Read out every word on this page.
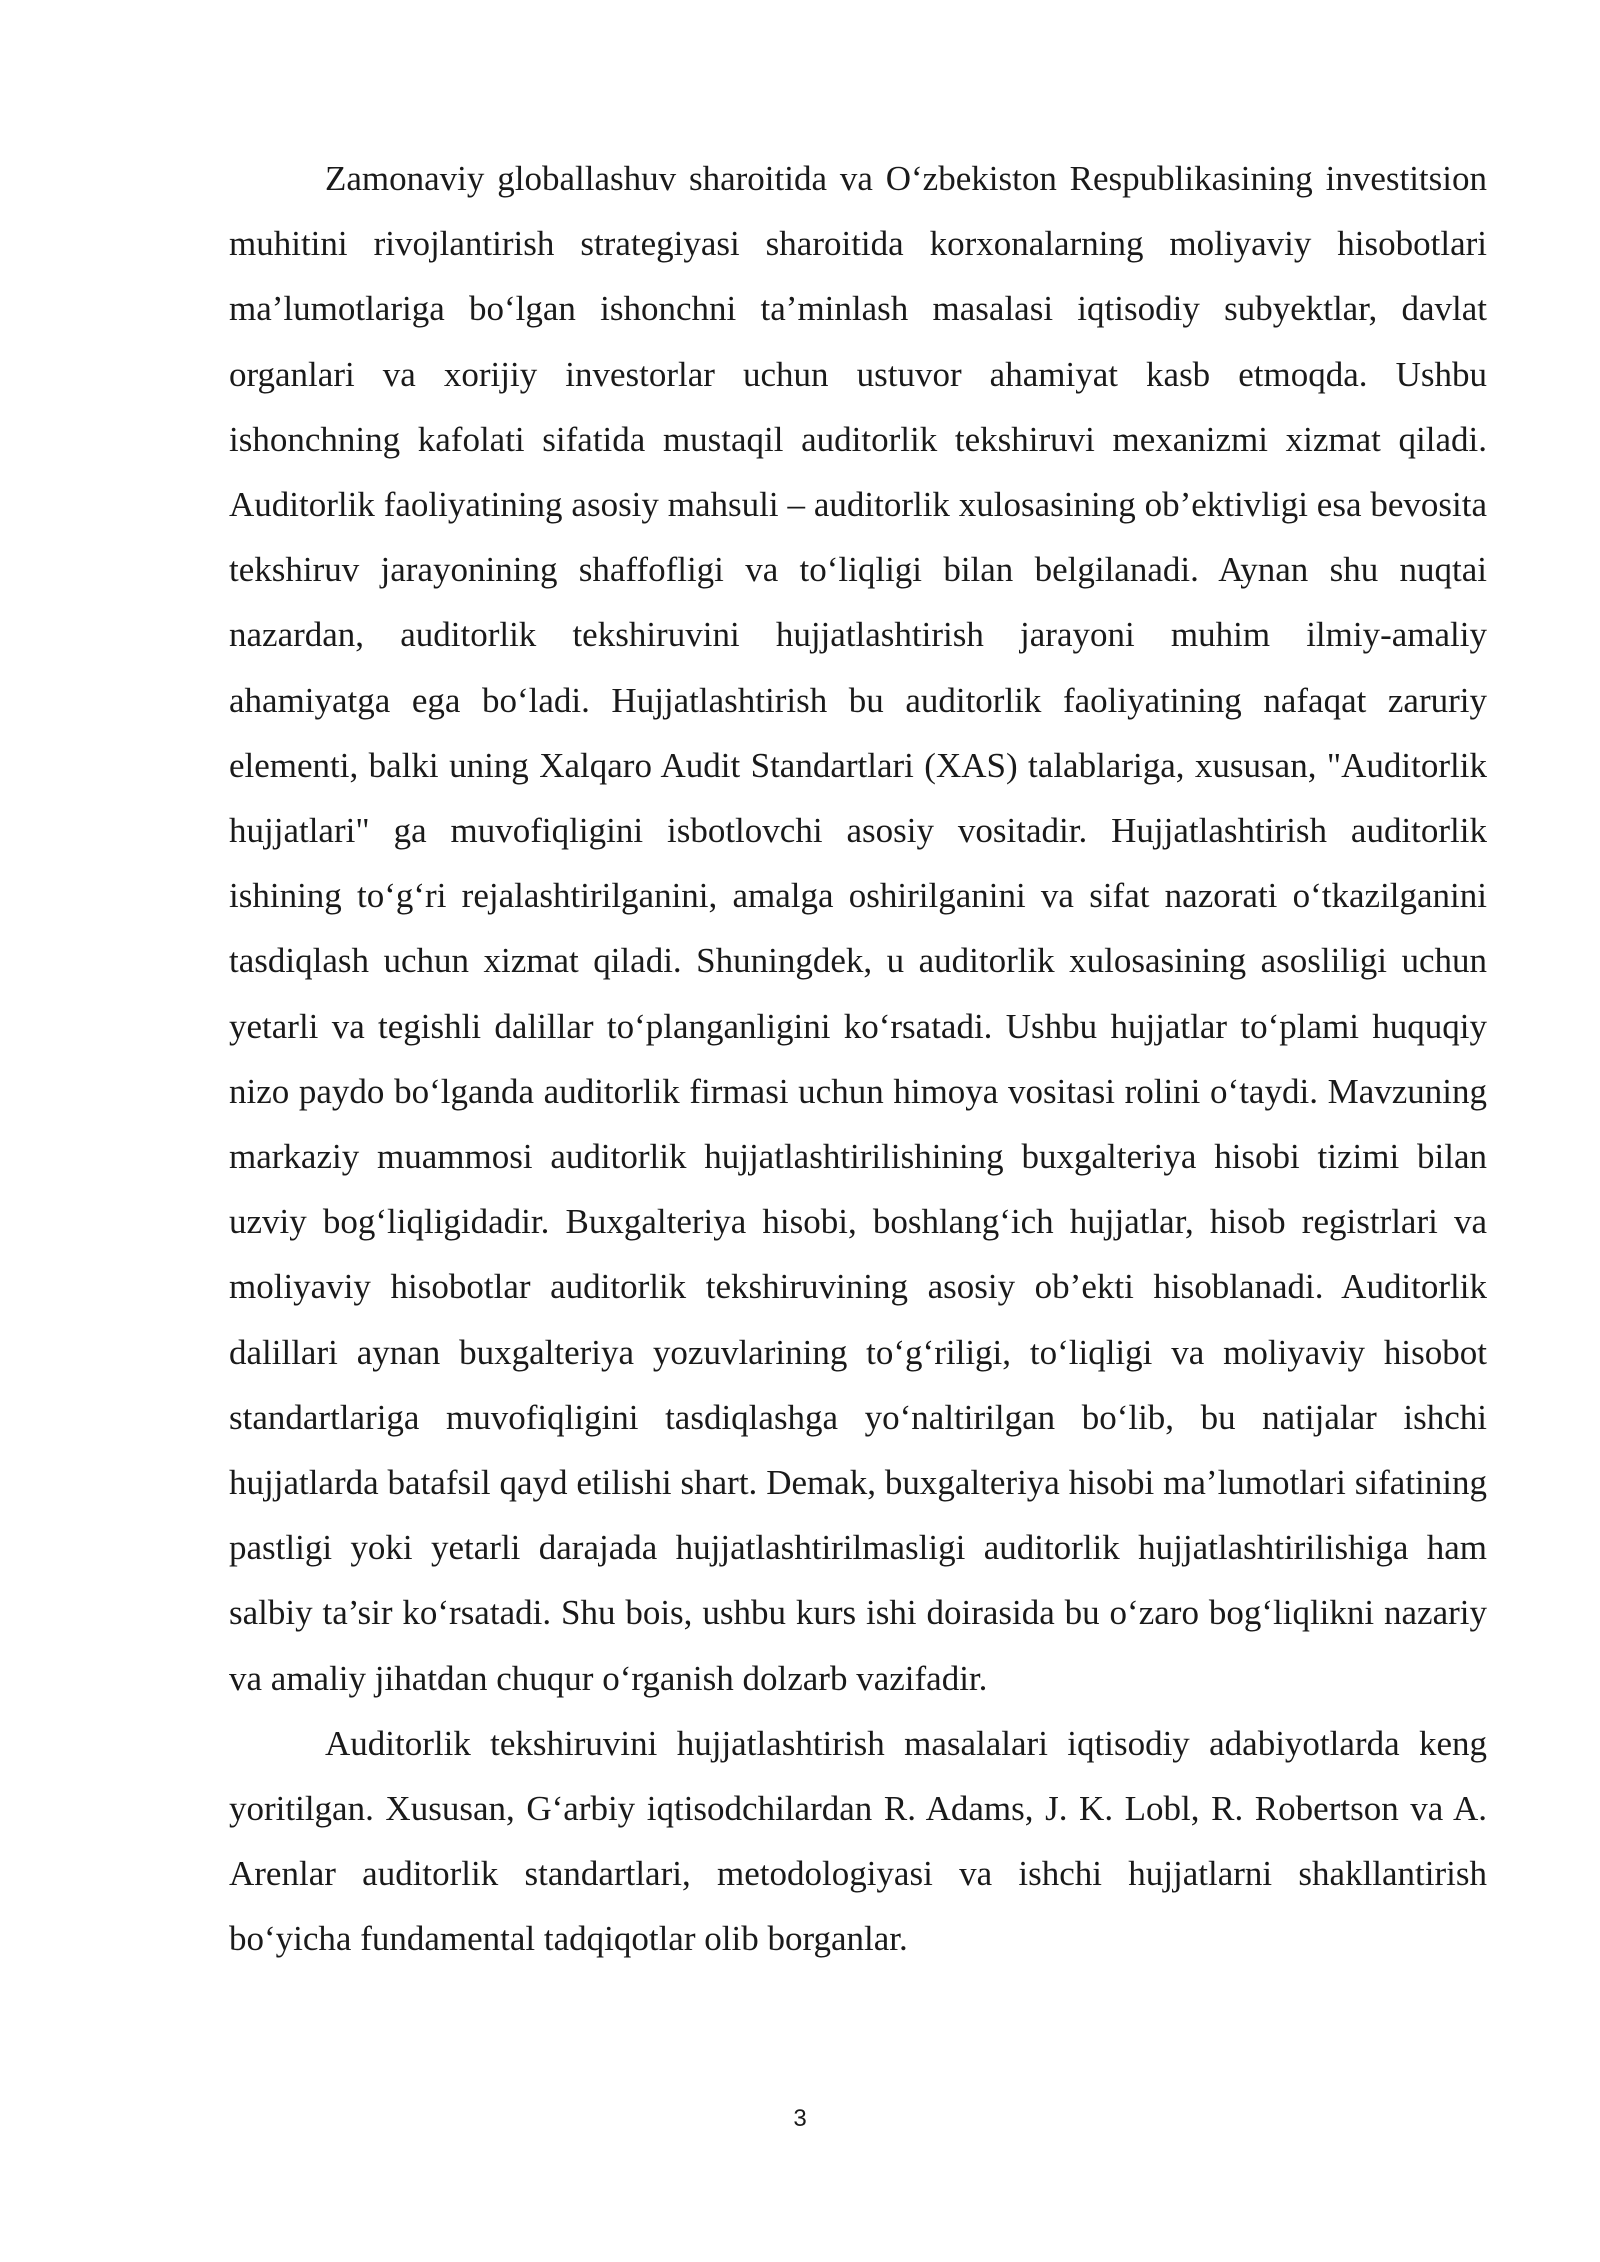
Zamonaviy globallashuv sharoitida va O‘zbekiston Respublikasining investitsion muhitini rivojlantirish strategiyasi sharoitida korxonalarning moliyaviy hisobotlari ma’lumotlariga bo‘lgan ishonchni ta’minlash masalasi iqtisodiy subyektlar, davlat organlari va xorijiy investorlar uchun ustuvor ahamiyat kasb etmoqda. Ushbu ishonchning kafolati sifatida mustaqil auditorlik tekshiruvi mexanizmi xizmat qiladi. Auditorlik faoliyatining asosiy mahsuli – auditorlik xulosasining ob’ektivligi esa bevosita tekshiruv jarayonining shaffofligi va to‘liqligi bilan belgilanadi. Aynan shu nuqtai nazardan, auditorlik tekshiruvini hujjatlashtirish jarayoni muhim ilmiy-amaliy ahamiyatga ega bo‘ladi. Hujjatlashtirish bu auditorlik faoliyatining nafaqat zaruriy elementi, balki uning Xalqaro Audit Standartlari (XAS) talablariga, xususan, "Auditorlik hujjatlari" ga muvofiqligini isbotlovchi asosiy vositadir. Hujjatlashtirish auditorlik ishining to‘g‘ri rejalashtirilganini, amalga oshirilganini va sifat nazorati o‘tkazilganini tasdiqlash uchun xizmat qiladi. Shuningdek, u auditorlik xulosasining asosliligi uchun yetarli va tegishli dalillar to‘planganligini ko‘rsatadi. Ushbu hujjatlar to‘plami huquqiy nizo paydo bo‘lganda auditorlik firmasi uchun himoya vositasi rolini o‘taydi. Mavzuning markaziy muammosi auditorlik hujjatlashtirilishining buxgalteriya hisobi tizimi bilan uzviy bog‘liqligidadir. Buxgalteriya hisobi, boshlang‘ich hujjatlar, hisob registrlari va moliyaviy hisobotlar auditorlik tekshiruvining asosiy ob’ekti hisoblanadi. Auditorlik dalillari aynan buxgalteriya yozuvlarining to‘g‘riligi, to‘liqligi va moliyaviy hisobot standartlariga muvofiqligini tasdiqlashga yo‘naltirilgan bo‘lib, bu natijalar ishchi hujjatlarda batafsil qayd etilishi shart. Demak, buxgalteriya hisobi ma’lumotlari sifatining pastligi yoki yetarli darajada hujjatlashtirilmasligi auditorlik hujjatlashtirilishiga ham salbiy ta’sir ko‘rsatadi. Shu bois, ushbu kurs ishi doirasida bu o‘zaro bog‘liqlikni nazariy va amaliy jihatdan chuqur o‘rganish dolzarb vazifadir.

Auditorlik tekshiruvini hujjatlashtirish masalalari iqtisodiy adabiyotlarda keng yoritilgan. Xususan, G‘arbiy iqtisodchilardan R. Adams, J. K. Lobl, R. Robertson va A. Arenlar auditorlik standartlari, metodologiyasi va ishchi hujjatlarni shakllantirish bo‘yicha fundamental tadqiqotlar olib borganlar.

3
